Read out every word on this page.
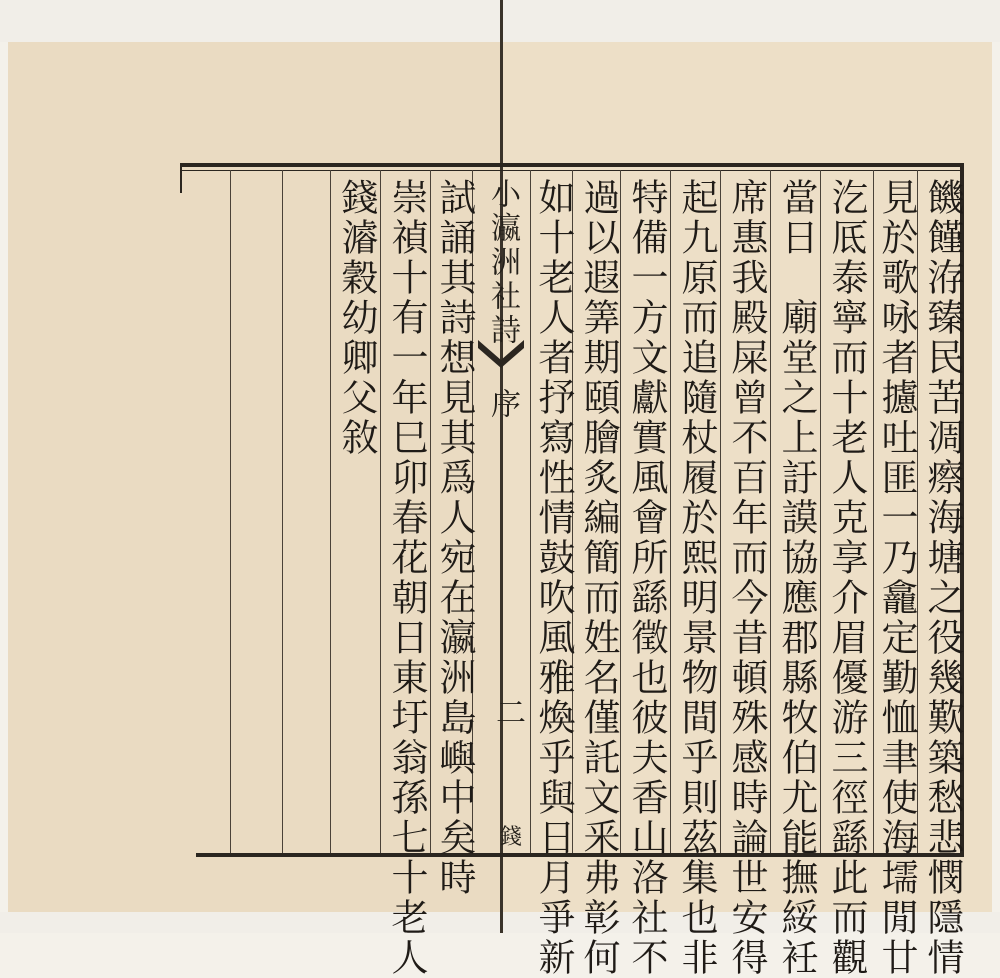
饑饉洊臻民苦凋瘵海塘之役幾歎築愁悲憫隱情
見於歌咏者攄吐匪一乃龕定勤恤聿使海壖閒廿
汔厎泰寧而十老人克享介眉優游三徑繇此而觀
當日　廟堂之上訏謨協應郡縣牧伯尤能撫綏衽
席惠我殿屎曾不百年而今昔頓殊感時論世安得
起九原而追隨杖履於熙明景物間乎則茲集也非
特備一方文獻實風會所繇徵也彼夫香山洛社不
過以遐筭期頤膾炙編簡而姓名僅託文釆弗彰何
如十老人者抒寫性情鼓吹風雅煥乎與日月爭新
小瀛洲社詩序
二
錢
試誦其詩想見其爲人宛在瀛洲島嶼中矣時
崇禎十有一年巳卯春花朝日東圩翁孫七十老人
錢𤀹穀幼卿父敘
